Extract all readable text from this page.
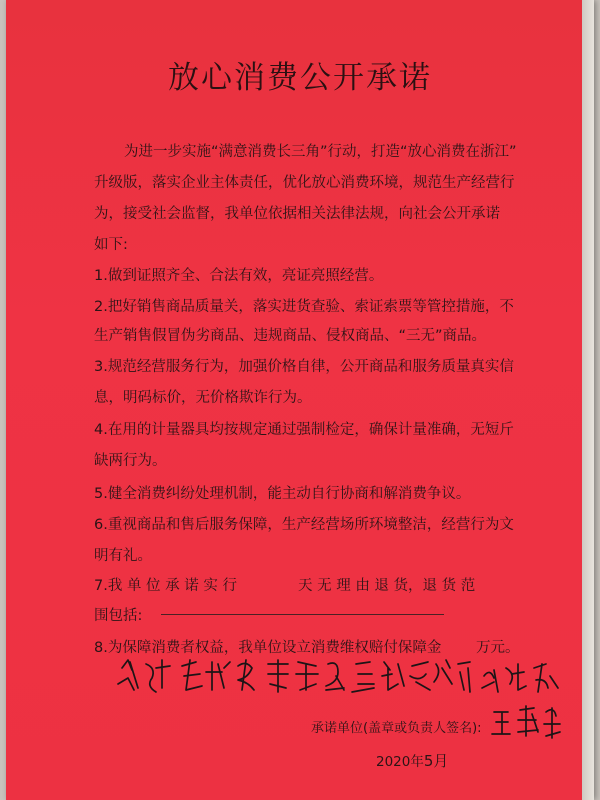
放心消费公开承诺
为进一步实施“满意消费长三角”行动，打造“放心消费在浙江”
升级版，落实企业主体责任，优化放心消费环境，规范生产经营行
为，接受社会监督，我单位依据相关法律法规，向社会公开承诺
如下:
1.做到证照齐全、合法有效，亮证亮照经营。
2.把好销售商品质量关，落实进货查验、索证索票等管控措施，不
生产销售假冒伪劣商品、违规商品、侵权商品、“三无”商品。
3.规范经营服务行为，加强价格自律，公开商品和服务质量真实信
息，明码标价，无价格欺诈行为。
4.在用的计量器具均按规定通过强制检定，确保计量准确，无短斤
缺两行为。
5.健全消费纠纷处理机制，能主动自行协商和解消费争议。
6.重视商品和售后服务保障，生产经营场所环境整洁，经营行为文
明有礼。
7.我 单 位 承 诺 实 行	天 无 理 由 退 货，退 货 范
围包括:
8.为保障消费者权益，我单位设立消费维权赔付保障金 万元。
承诺单位(盖章或负责人签名):
2020年5月
